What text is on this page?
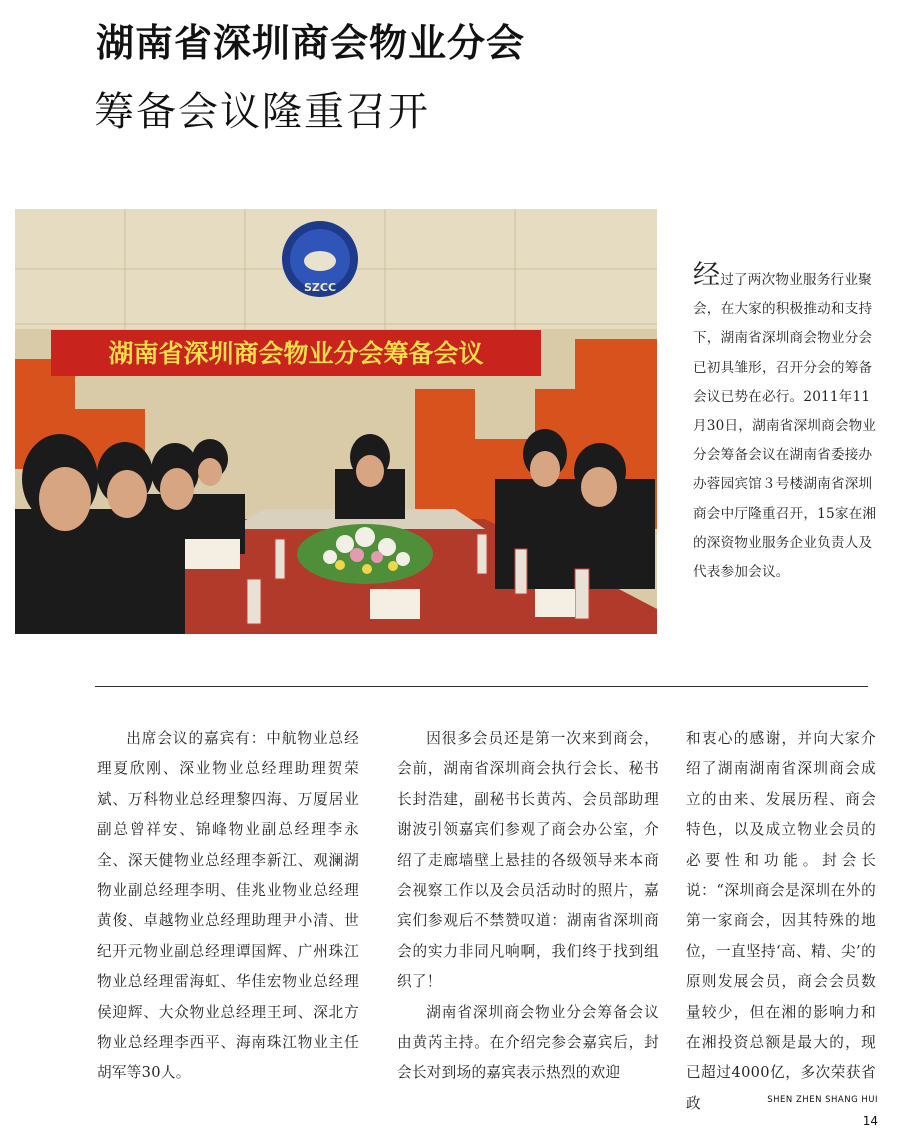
湖南省深圳商会物业分会
筹备会议隆重召开
SZCC
湖南省深圳商会物业分会筹备会议
经过了两次物业服务行业聚会，在大家的积极推动和支持下，湖南省深圳商会物业分会已初具雏形，召开分会的筹备会议已势在必行。2011年11月30日，湖南省深圳商会物业分会筹备会议在湖南省委接办办蓉园宾馆３号楼湖南省深圳商会中厅隆重召开，15家在湘的深资物业服务企业负责人及代表参加会议。

出席会议的嘉宾有：中航物业总经理夏欣刚、深业物业总经理助理贺荣斌、万科物业总经理黎四海、万厦居业副总曾祥安、锦峰物业副总经理李永全、深天健物业总经理李新江、观澜湖物业副总经理李明、佳兆业物业总经理黄俊、卓越物业总经理助理尹小清、世纪开元物业副总经理谭国辉、广州珠江物业总经理雷海虹、华佳宏物业总经理侯迎辉、大众物业总经理王珂、深北方物业总经理李西平、海南珠江物业主任胡军等30人。

因很多会员还是第一次来到商会，会前，湖南省深圳商会执行会长、秘书长封浩建，副秘书长黄芮、会员部助理谢波引领嘉宾们参观了商会办公室，介绍了走廊墙壁上悬挂的各级领导来本商会视察工作以及会员活动时的照片，嘉宾们参观后不禁赞叹道：湖南省深圳商会的实力非同凡响啊，我们终于找到组织了！

湖南省深圳商会物业分会筹备会议由黄芮主持。在介绍完参会嘉宾后，封会长对到场的嘉宾表示热烈的欢迎

和衷心的感谢，并向大家介绍了湖南湖南省深圳商会成立的由来、发展历程、商会特色，以及成立物业会员的必要性和功能。封会长说：“深圳商会是深圳在外的第一家商会，因其特殊的地位，一直坚持‘高、精、尖’的原则发展会员，商会会员数量较少，但在湘的影响力和在湘投资总额是最大的，现已超过4000亿，多次荣获省政	SHEN ZHEN SHANG HUI
14
